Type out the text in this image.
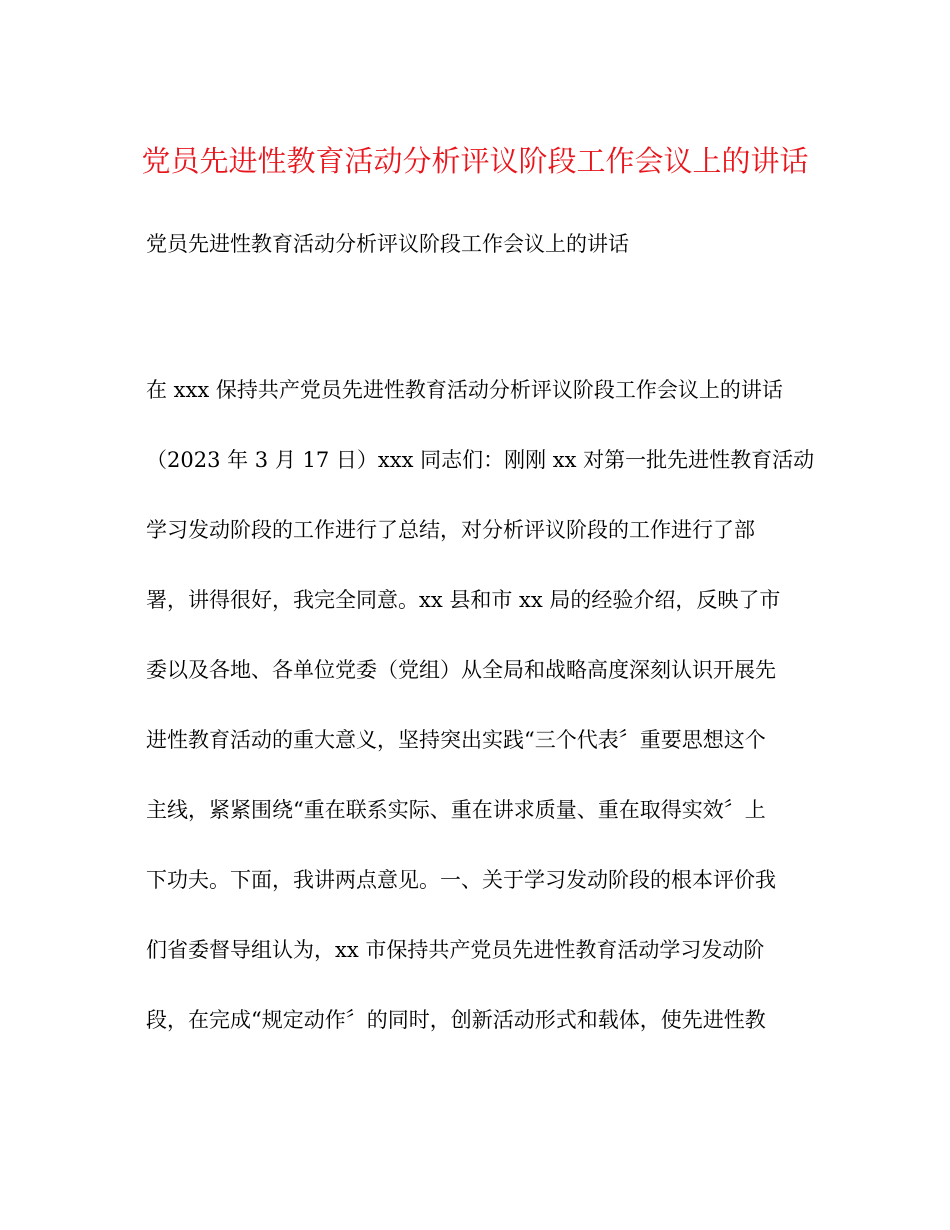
党员先进性教育活动分析评议阶段工作会议上的讲话

党员先进性教育活动分析评议阶段工作会议上的讲话

在 xxx 保持共产党员先进性教育活动分析评议阶段工作会议上的讲话

（2023 年 3 月 17 日）xxx 同志们：刚刚 xx 对第一批先进性教育活动

学习发动阶段的工作进行了总结，对分析评议阶段的工作进行了部

署，讲得很好，我完全同意。xx 县和市 xx 局的经验介绍，反映了市

委以及各地、各单位党委（党组）从全局和战略高度深刻认识开展先

进性教育活动的重大意义，坚持突出实践“三个代表〞重要思想这个

主线，紧紧围绕“重在联系实际、重在讲求质量、重在取得实效〞上

下功夫。下面，我讲两点意见。一、关于学习发动阶段的根本评价我

们省委督导组认为，xx 市保持共产党员先进性教育活动学习发动阶

段，在完成“规定动作〞的同时，创新活动形式和载体，使先进性教
